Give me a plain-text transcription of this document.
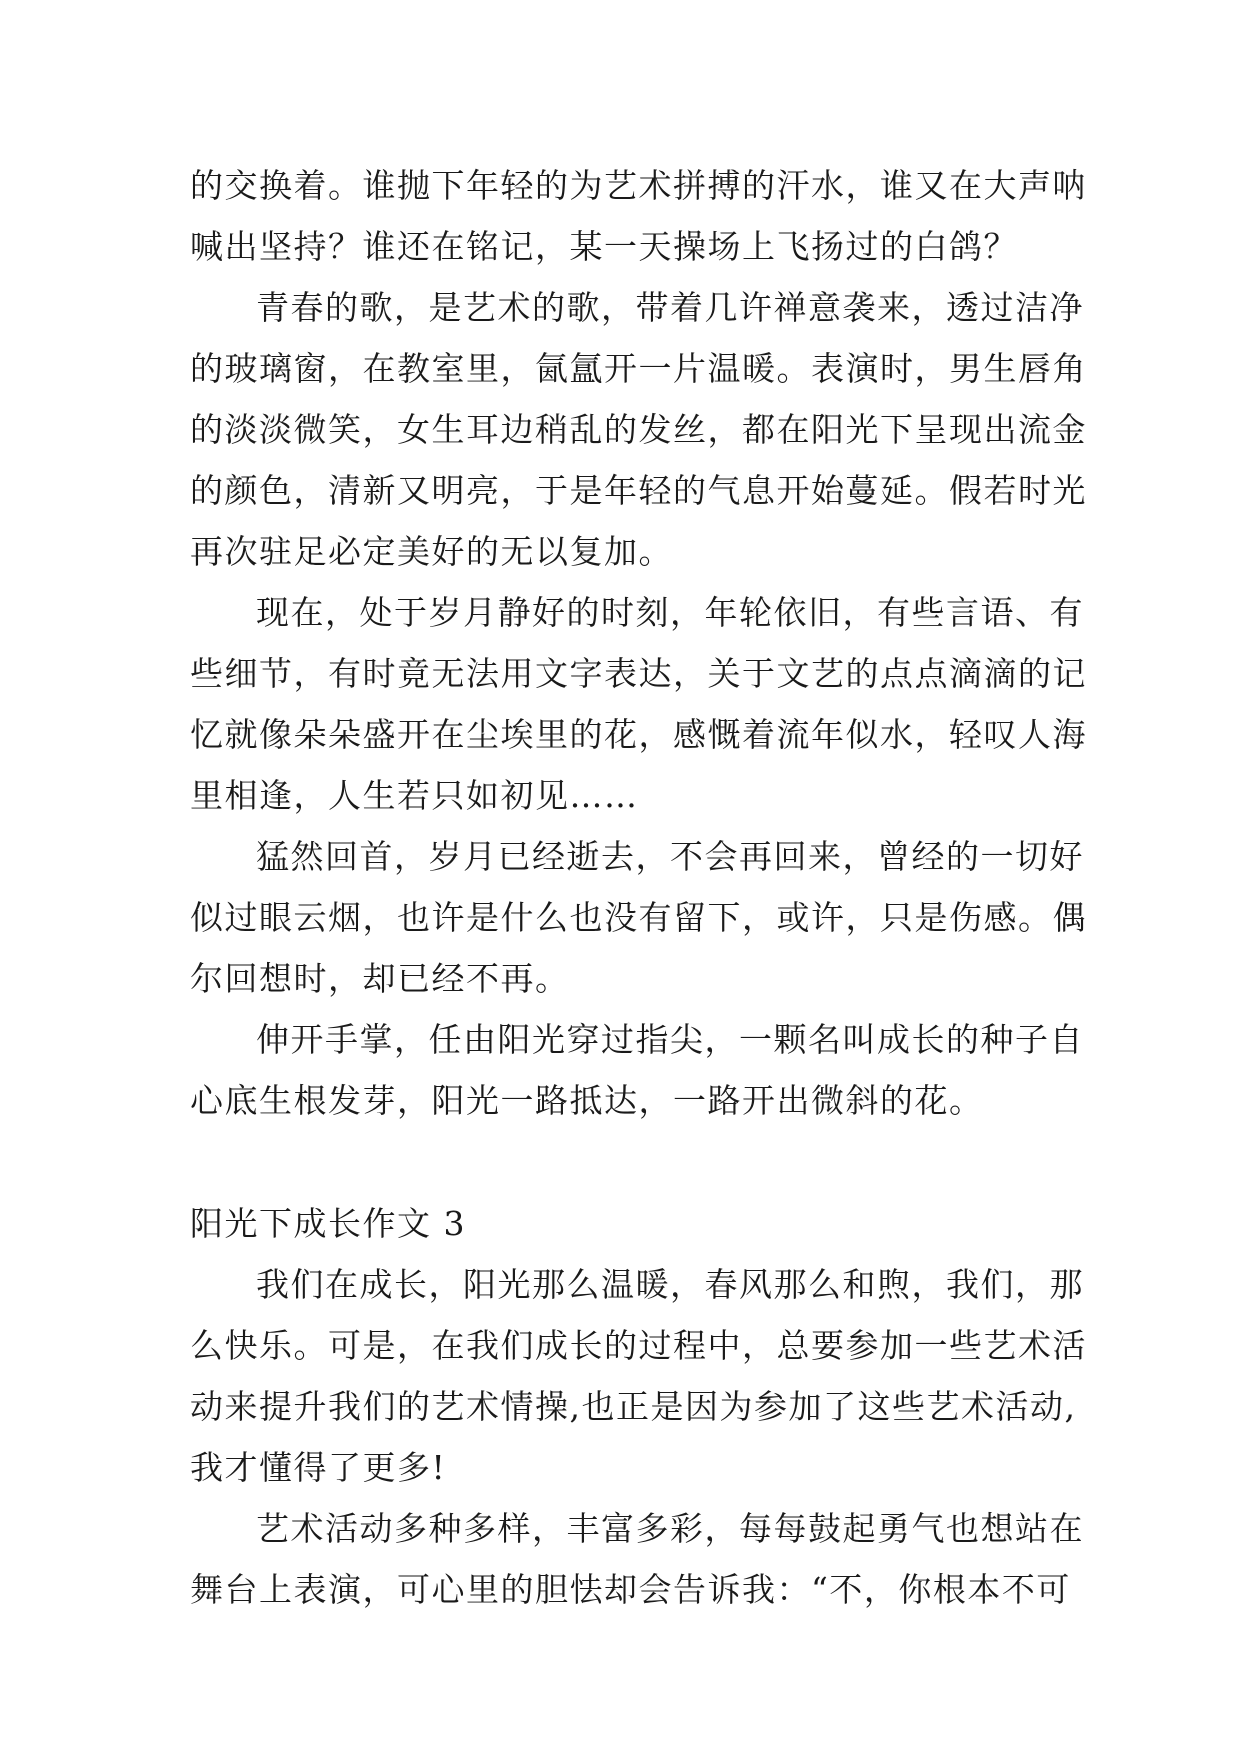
的交换着。谁抛下年轻的为艺术拼搏的汗水，谁又在大声呐
喊出坚持？谁还在铭记，某一天操场上飞扬过的白鸽？
青春的歌，是艺术的歌，带着几许禅意袭来，透过洁净
的玻璃窗，在教室里，氤氲开一片温暖。表演时，男生唇角
的淡淡微笑，女生耳边稍乱的发丝，都在阳光下呈现出流金
的颜色，清新又明亮，于是年轻的气息开始蔓延。假若时光
再次驻足必定美好的无以复加。
现在，处于岁月静好的时刻，年轮依旧，有些言语、有
些细节，有时竟无法用文字表达，关于文艺的点点滴滴的记
忆就像朵朵盛开在尘埃里的花，感慨着流年似水，轻叹人海
里相逢，人生若只如初见……
猛然回首，岁月已经逝去，不会再回来，曾经的一切好
似过眼云烟，也许是什么也没有留下，或许，只是伤感。偶
尔回想时，却已经不再。
伸开手掌，任由阳光穿过指尖，一颗名叫成长的种子自
心底生根发芽，阳光一路抵达，一路开出微斜的花。
阳光下成长作文 3
我们在成长，阳光那么温暖，春风那么和煦，我们，那
么快乐。可是，在我们成长的过程中，总要参加一些艺术活
动来提升我们的艺术情操,也正是因为参加了这些艺术活动,
我才懂得了更多!
艺术活动多种多样，丰富多彩，每每鼓起勇气也想站在
舞台上表演，可心里的胆怯却会告诉我：“不，你根本不可
